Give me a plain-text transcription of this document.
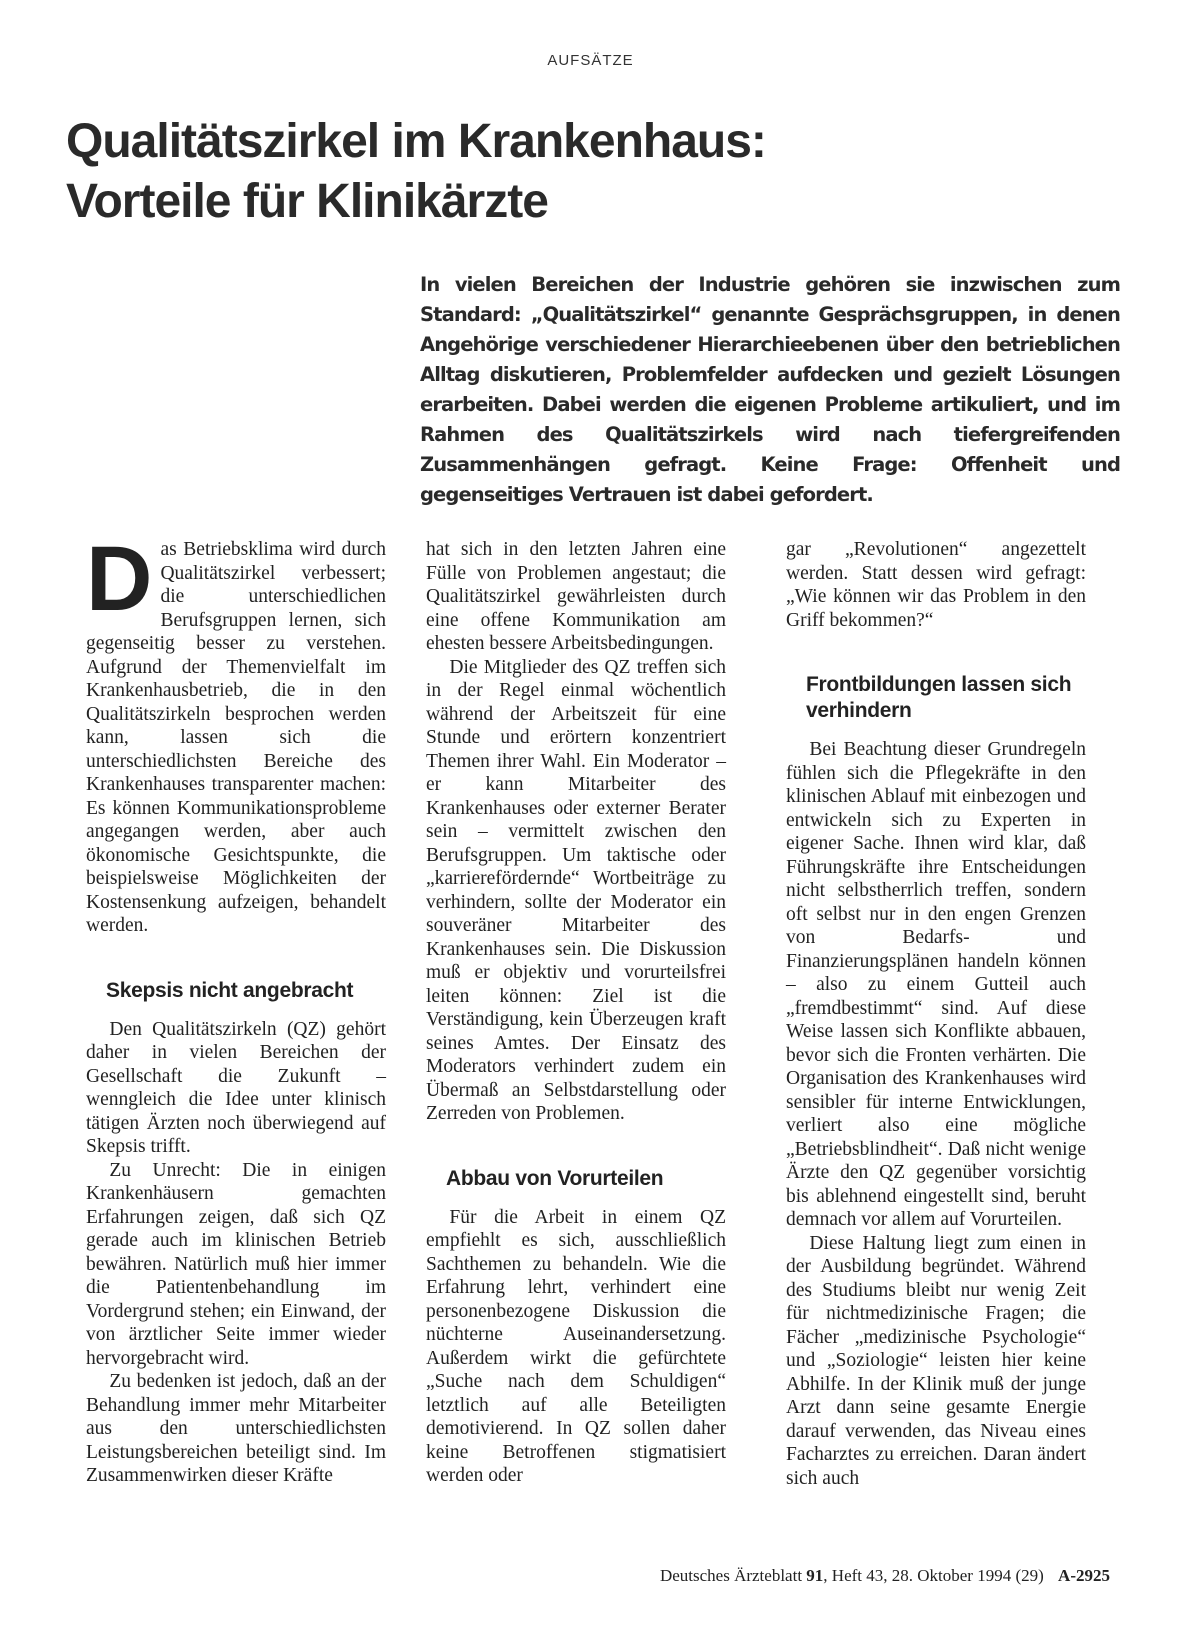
AUFSÄTZE
Qualitätszirkel im Krankenhaus:
Vorteile für Klinikärzte

In vielen Bereichen der Industrie gehören sie inzwischen zum Standard: „Qualitätszirkel“ genannte Gesprächsgruppen, in denen Angehörige verschiedener Hierarchieebenen über den betrieblichen Alltag diskutieren, Problemfelder aufdecken und gezielt Lösungen erarbeiten. Dabei werden die eigenen Probleme artikuliert, und im Rahmen des Qualitätszirkels wird nach tiefergreifenden Zusammenhängen gefragt. Keine Frage: Offenheit und gegenseitiges Vertrauen ist dabei gefordert.

Das Betriebsklima wird durch Qualitätszirkel verbessert; die unterschiedlichen Berufsgruppen lernen, sich gegenseitig besser zu verstehen. Aufgrund der Themenvielfalt im Krankenhausbetrieb, die in den Qualitätszirkeln besprochen werden kann, lassen sich die unterschiedlichsten Bereiche des Krankenhauses transparenter machen: Es können Kommunikationsprobleme angegangen werden, aber auch ökonomische Gesichtspunkte, die beispielsweise Möglichkeiten der Kostensenkung aufzeigen, behandelt werden.

Skepsis nicht angebracht

Den Qualitätszirkeln (QZ) gehört daher in vielen Bereichen der Gesellschaft die Zukunft – wenngleich die Idee unter klinisch tätigen Ärzten noch überwiegend auf Skepsis trifft.

Zu Unrecht: Die in einigen Krankenhäusern gemachten Erfahrungen zeigen, daß sich QZ gerade auch im klinischen Betrieb bewähren. Natürlich muß hier immer die Patientenbehandlung im Vordergrund stehen; ein Einwand, der von ärztlicher Seite immer wieder hervorgebracht wird.

Zu bedenken ist jedoch, daß an der Behandlung immer mehr Mitarbeiter aus den unterschiedlichsten Leistungsbereichen beteiligt sind. Im Zusammenwirken dieser Kräfte

hat sich in den letzten Jahren eine Fülle von Problemen angestaut; die Qualitätszirkel gewährleisten durch eine offene Kommunikation am ehesten bessere Arbeitsbedingungen.

Die Mitglieder des QZ treffen sich in der Regel einmal wöchentlich während der Arbeitszeit für eine Stunde und erörtern konzentriert Themen ihrer Wahl. Ein Moderator – er kann Mitarbeiter des Krankenhauses oder externer Berater sein – vermittelt zwischen den Berufsgruppen. Um taktische oder „karrierefördernde“ Wortbeiträge zu verhindern, sollte der Moderator ein souveräner Mitarbeiter des Krankenhauses sein. Die Diskussion muß er objektiv und vorurteilsfrei leiten können: Ziel ist die Verständigung, kein Überzeugen kraft seines Amtes. Der Einsatz des Moderators verhindert zudem ein Übermaß an Selbstdarstellung oder Zerreden von Problemen.

Abbau von Vorurteilen

Für die Arbeit in einem QZ empfiehlt es sich, ausschließlich Sachthemen zu behandeln. Wie die Erfahrung lehrt, verhindert eine personenbezogene Diskussion die nüchterne Auseinandersetzung. Außerdem wirkt die gefürchtete „Suche nach dem Schuldigen“ letztlich auf alle Beteiligten demotivierend. In QZ sollen daher keine Betroffenen stigmatisiert werden oder

gar „Revolutionen“ angezettelt werden. Statt dessen wird gefragt: „Wie können wir das Problem in den Griff bekommen?“

Frontbildungen lassen sich verhindern

Bei Beachtung dieser Grundregeln fühlen sich die Pflegekräfte in den klinischen Ablauf mit einbezogen und entwickeln sich zu Experten in eigener Sache. Ihnen wird klar, daß Führungskräfte ihre Entscheidungen nicht selbstherrlich treffen, sondern oft selbst nur in den engen Grenzen von Bedarfs- und Finanzierungsplänen handeln können – also zu einem Gutteil auch „fremdbestimmt“ sind. Auf diese Weise lassen sich Konflikte abbauen, bevor sich die Fronten verhärten. Die Organisation des Krankenhauses wird sensibler für interne Entwicklungen, verliert also eine mögliche „Betriebsblindheit“. Daß nicht wenige Ärzte den QZ gegenüber vorsichtig bis ablehnend eingestellt sind, beruht demnach vor allem auf Vorurteilen.

Diese Haltung liegt zum einen in der Ausbildung begründet. Während des Studiums bleibt nur wenig Zeit für nichtmedizinische Fragen; die Fächer „medizinische Psychologie“ und „Soziologie“ leisten hier keine Abhilfe. In der Klinik muß der junge Arzt dann seine gesamte Energie darauf verwenden, das Niveau eines Facharztes zu erreichen. Daran ändert sich auch

Deutsches Ärzteblatt 91, Heft 43, 28. Oktober 1994 (29) A-2925
